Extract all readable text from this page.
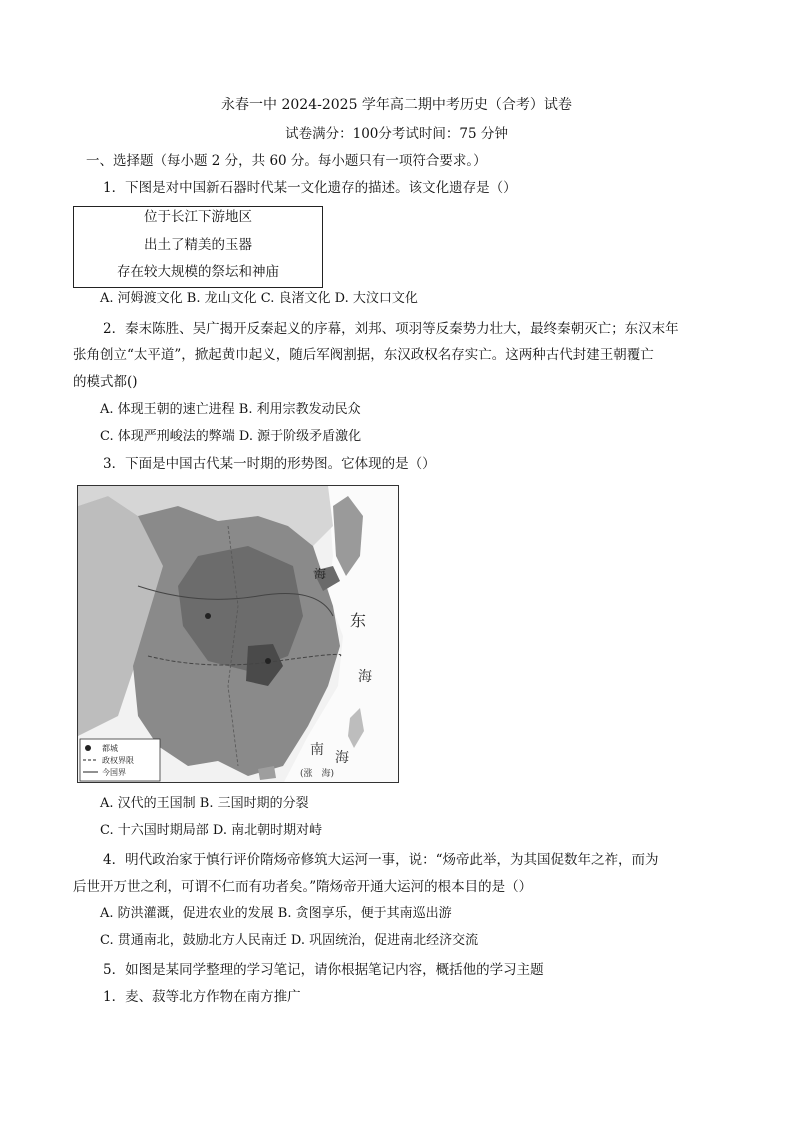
永春一中 2024-2025 学年高二期中考历史（合考）试卷
试卷满分：100分考试时间：75 分钟
一、选择题（每小题 2 分，共 60 分。每小题只有一项符合要求。）
1．下图是对中国新石器时代某一文化遗存的描述。该文化遗存是（）
位于长江下游地区
出土了精美的玉器
存在较大规模的祭坛和神庙
A. 河姆渡文化 B. 龙山文化 C. 良渚文化 D. 大汶口文化
2．秦末陈胜、吴广揭开反秦起义的序幕，刘邦、项羽等反秦势力壮大，最终秦朝灭亡；东汉末年
张角创立“太平道”，掀起黄巾起义，随后军阀割据，东汉政权名存实亡。这两种古代封建王朝覆亡
的模式都()
A. 体现王朝的速亡进程 B. 利用宗教发动民众
C. 体现严刑峻法的弊端 D. 源于阶级矛盾激化
3．下面是中国古代某一时期的形势图。它体现的是（）
都城
政权界限
今国界
东
海
南 海
海
(涨　海)
A. 汉代的王国制 B. 三国时期的分裂
C. 十六国时期局部 D. 南北朝时期对峙
4．明代政治家于慎行评价隋炀帝修筑大运河一事，说：“炀帝此举，为其国促数年之祚，而为
后世开万世之利，可谓不仁而有功者矣。”隋炀帝开通大运河的根本目的是（）
A. 防洪灌溉，促进农业的发展 B. 贪图享乐，便于其南巡出游
C. 贯通南北，鼓励北方人民南迁 D. 巩固统治，促进南北经济交流
5．如图是某同学整理的学习笔记，请你根据笔记内容，概括他的学习主题
1．麦、菽等北方作物在南方推广
